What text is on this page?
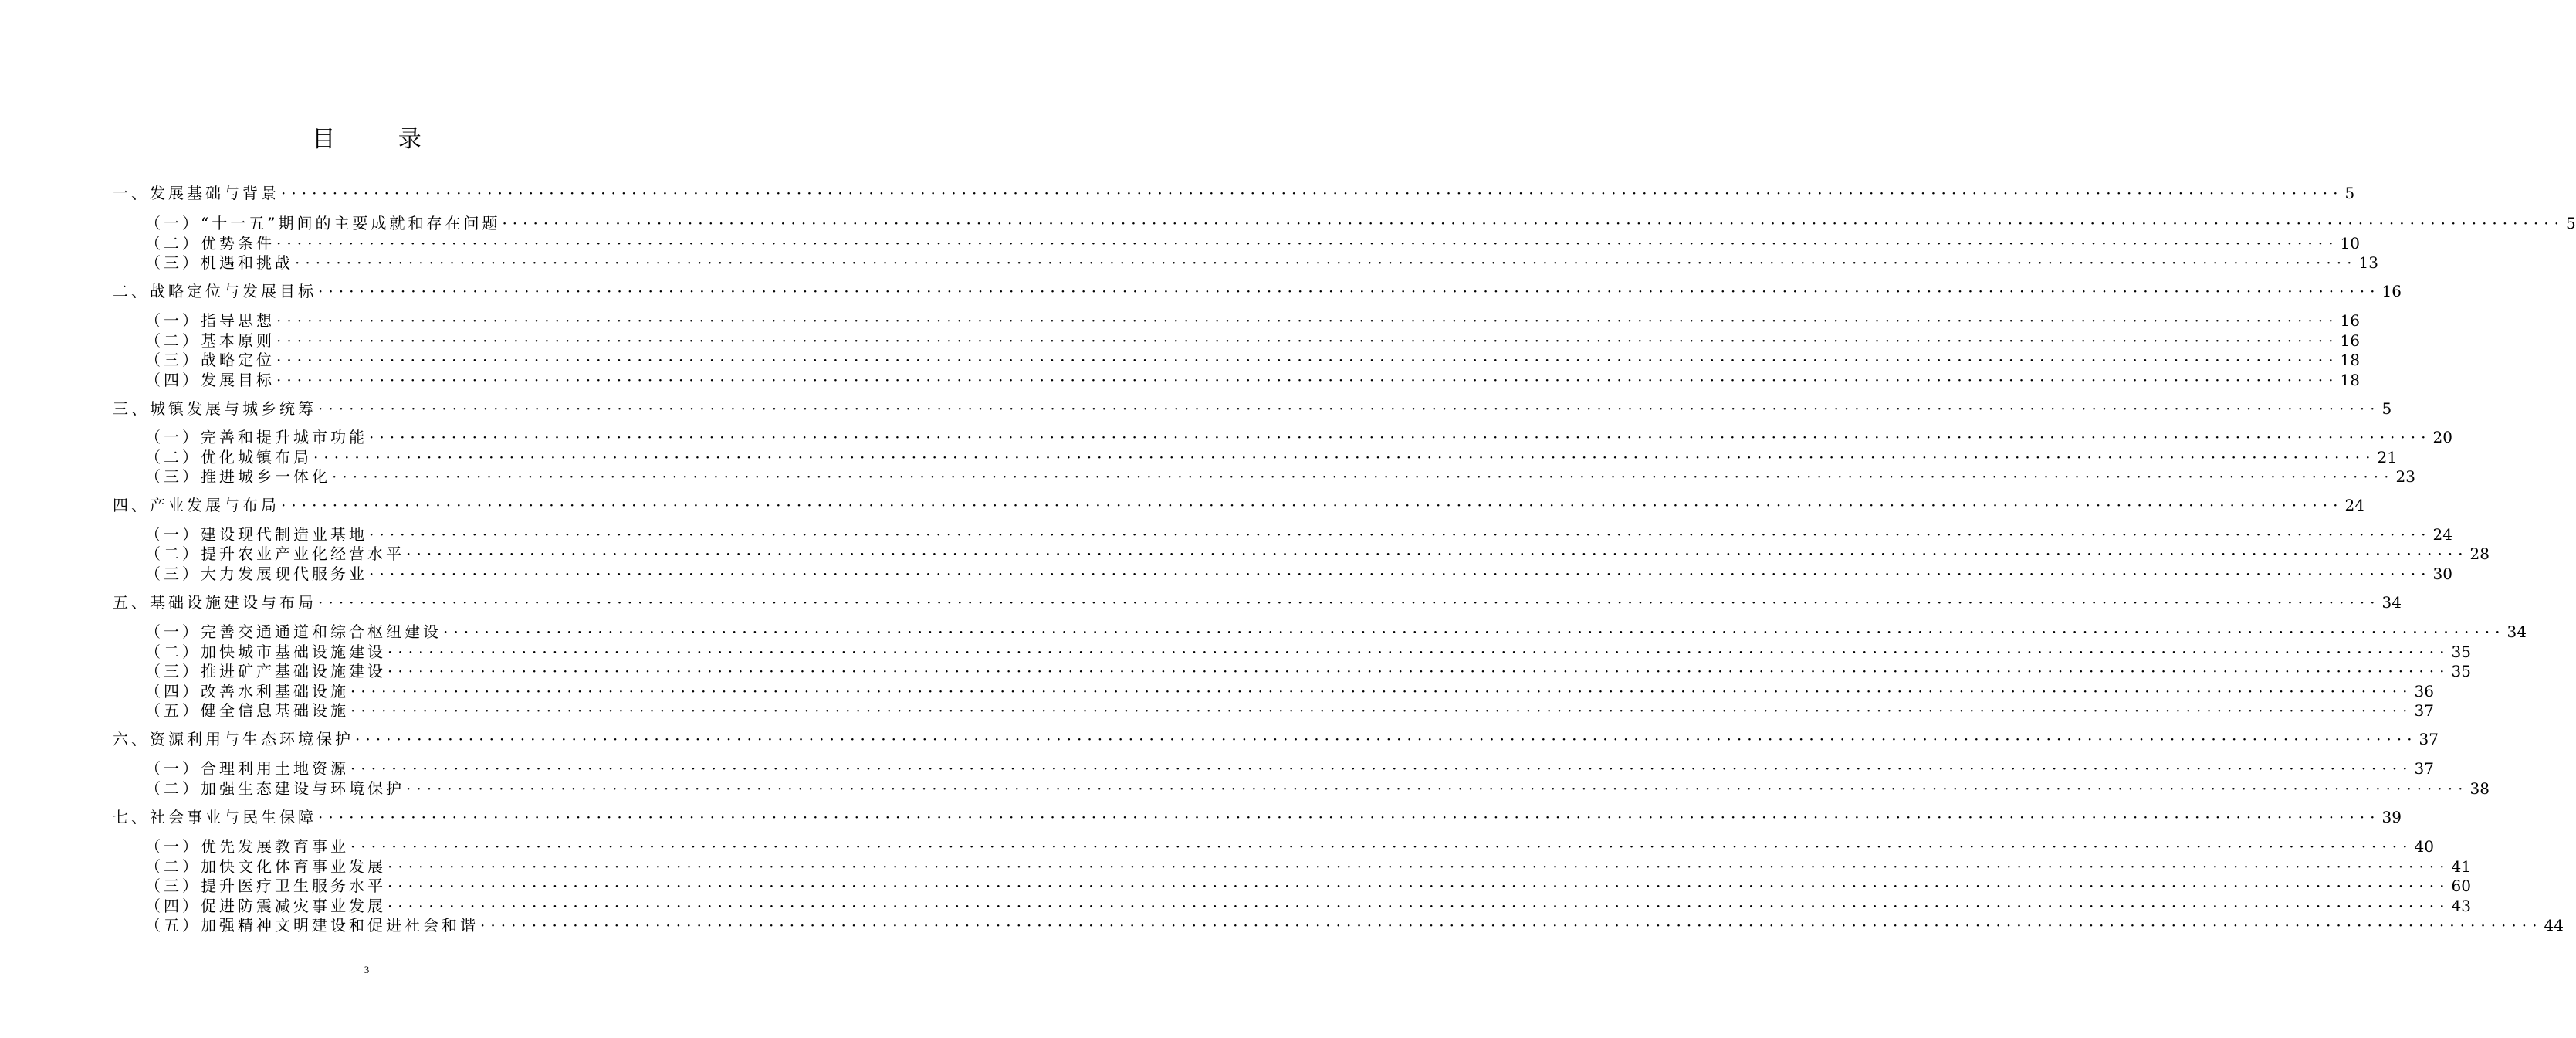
目 录
一、发展基础与背景 ········································································································································································································ 5
（一）“十一五”期间的主要成就和存在问题 ········································································································································································································ 5
（二）优势条件 ········································································································································································································ 10
（三）机遇和挑战 ········································································································································································································ 13
二、战略定位与发展目标 ········································································································································································································ 16
（一）指导思想 ········································································································································································································ 16
（二）基本原则 ········································································································································································································ 16
（三）战略定位 ········································································································································································································ 18
（四）发展目标 ········································································································································································································ 18
三、城镇发展与城乡统筹 ········································································································································································································ 5
（一）完善和提升城市功能 ········································································································································································································ 20
（二）优化城镇布局 ········································································································································································································ 21
（三）推进城乡一体化 ········································································································································································································ 23
四、产业发展与布局 ········································································································································································································ 24
（一）建设现代制造业基地 ········································································································································································································ 24
（二）提升农业产业化经营水平 ········································································································································································································ 28
（三）大力发展现代服务业 ········································································································································································································ 30
五、基础设施建设与布局 ········································································································································································································ 34
（一）完善交通通道和综合枢纽建设 ········································································································································································································ 34
（二）加快城市基础设施建设 ········································································································································································································ 35
（三）推进矿产基础设施建设 ········································································································································································································ 35
（四）改善水利基础设施 ········································································································································································································ 36
（五）健全信息基础设施 ········································································································································································································ 37
六、资源利用与生态环境保护 ········································································································································································································ 37
（一）合理利用土地资源 ········································································································································································································ 37
（二）加强生态建设与环境保护 ········································································································································································································ 38
七、社会事业与民生保障 ········································································································································································································ 39
（一）优先发展教育事业 ········································································································································································································ 40
（二）加快文化体育事业发展 ········································································································································································································ 41
（三）提升医疗卫生服务水平 ········································································································································································································ 60
（四）促进防震减灾事业发展 ········································································································································································································ 43
（五）加强精神文明建设和促进社会和谐 ········································································································································································································ 44
3
